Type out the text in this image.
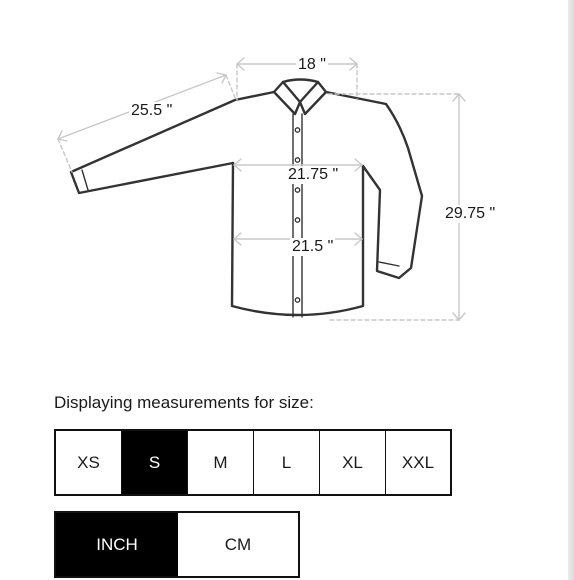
18 "
25.5 "
21.75 "
29.75 "
21.5 "
Displaying measurements for size:
XS	S	M	L	XL	XXL
INCH	CM
